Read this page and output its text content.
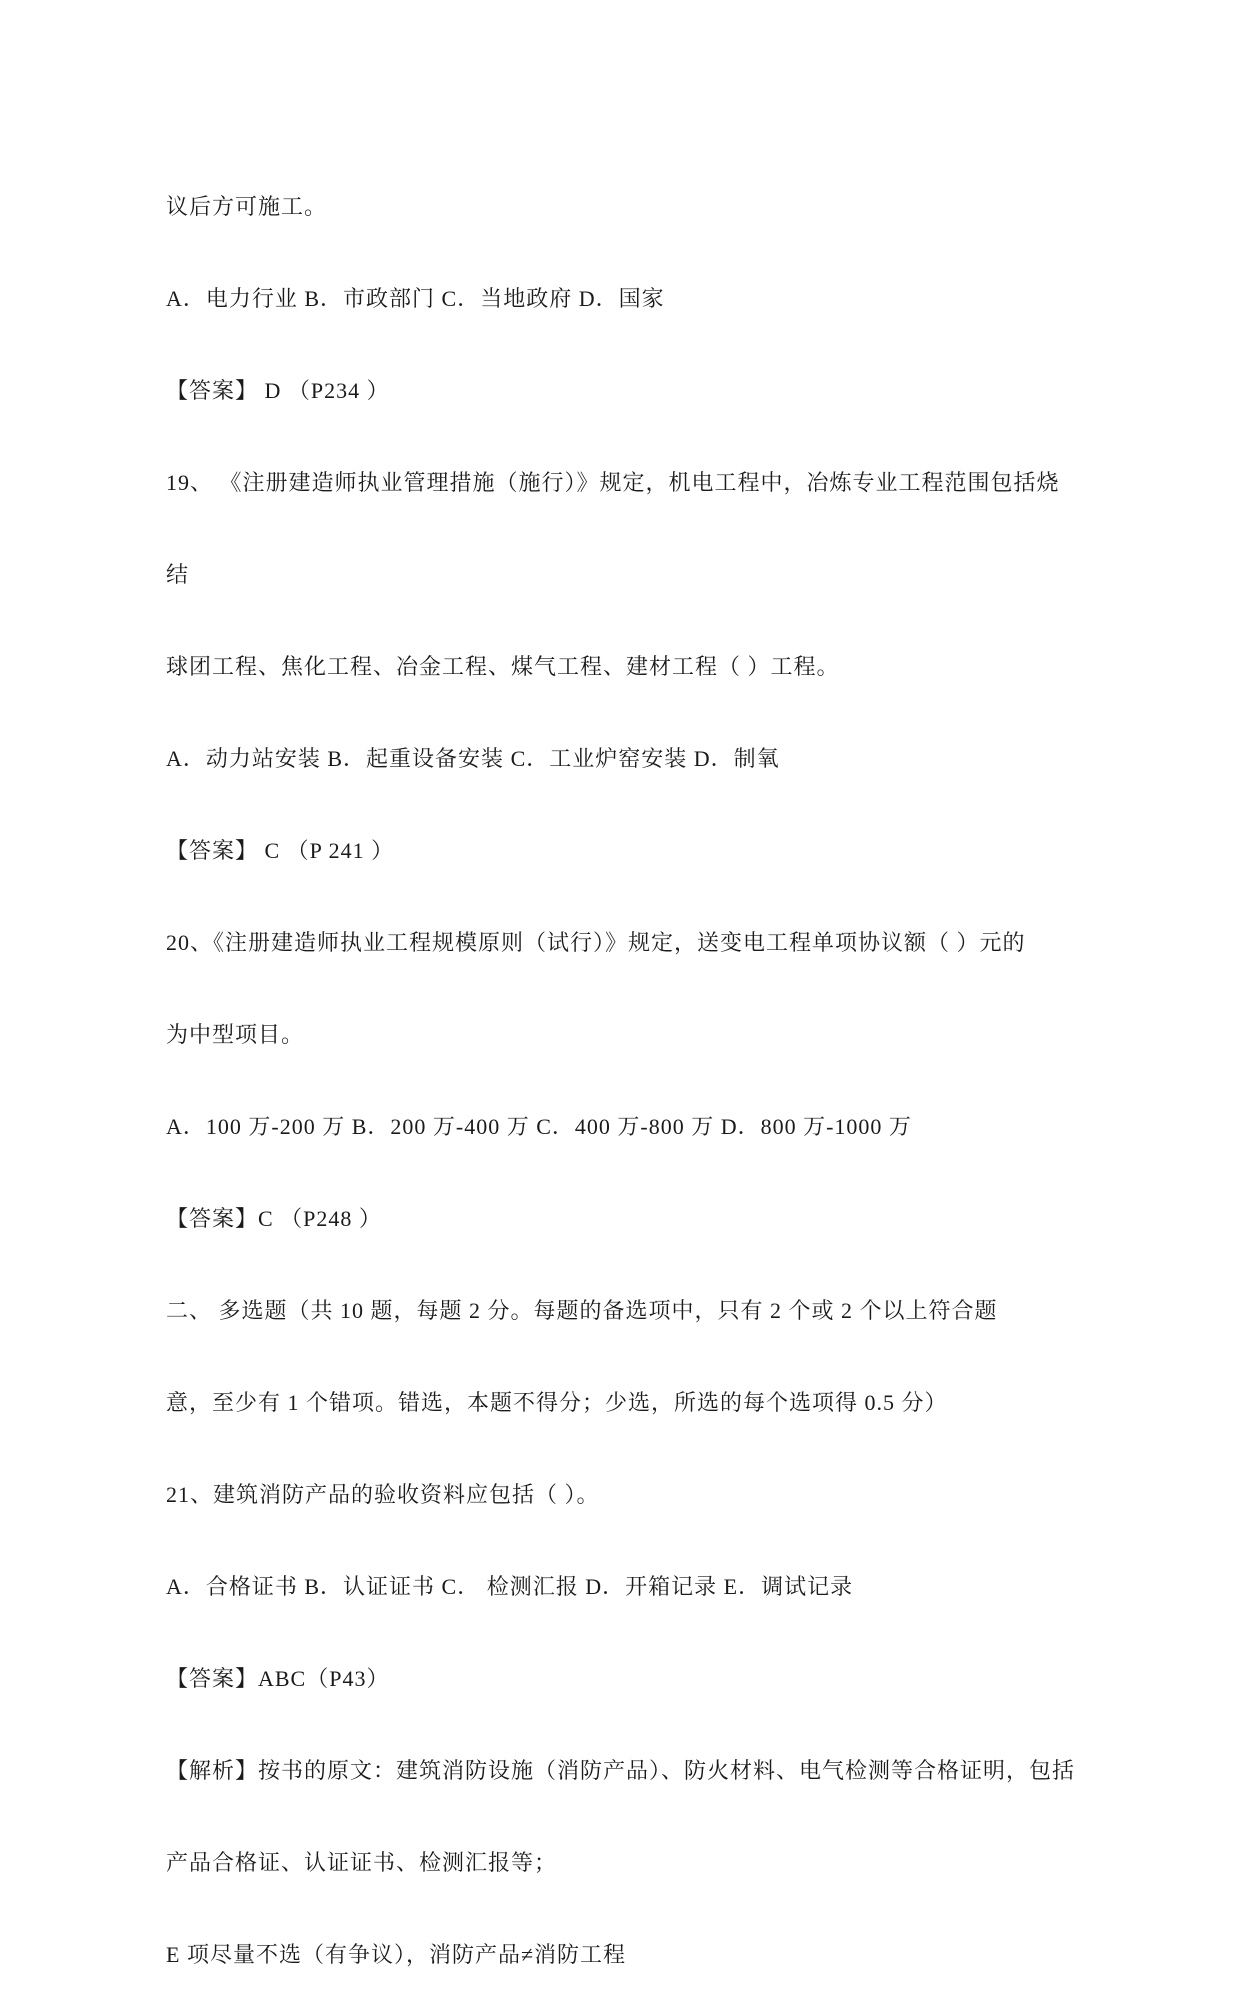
议后方可施工。

A．电力行业 B．市政部门 C．当地政府 D．国家

【答案】 D （P234 ）

19、 《注册建造师执业管理措施（施行）》规定，机电工程中，冶炼专业工程范围包括烧

结

球团工程、焦化工程、冶金工程、煤气工程、建材工程（ ）工程。

A．动力站安装 B．起重设备安装 C．工业炉窑安装 D．制氧

【答案】 C （P 241 ）

20、《注册建造师执业工程规模原则（试行）》规定，送变电工程单项协议额（ ）元的

为中型项目。

A．100 万-200 万 B．200 万-400 万 C．400 万-800 万 D．800 万-1000 万

【答案】C （P248 ）

二、 多选题（共 10 题，每题 2 分。每题的备选项中，只有 2 个或 2 个以上符合题

意，至少有 1 个错项。错选，本题不得分；少选，所选的每个选项得 0.5 分）

21、建筑消防产品的验收资料应包括（ ）。

A．合格证书 B．认证证书 C． 检测汇报 D．开箱记录 E．调试记录

【答案】ABC（P43）

【解析】按书的原文：建筑消防设施（消防产品）、防火材料、电气检测等合格证明，包括

产品合格证、认证证书、检测汇报等；

E 项尽量不选（有争议），消防产品≠消防工程
